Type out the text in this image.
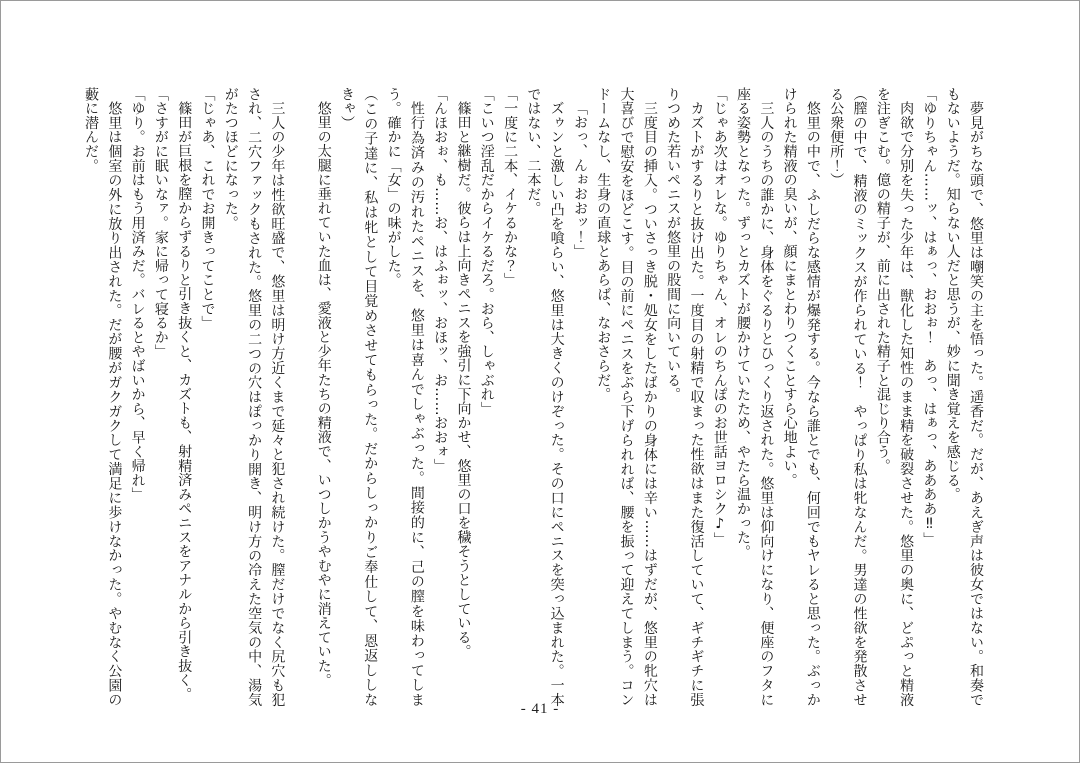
夢見がちな頭で、悠里は嘲笑の主を悟った。遥香だ。だが、あえぎ声は彼女ではない。和奏でもないようだ。知らない人だと思うが、妙に聞き覚えを感じる。

「ゆりちゃん……ッ、はぁっ、おおぉ！　あっ、はぁっ、ああああ‼」

肉欲で分別を失った少年は、獣化した知性のまま精を破裂させた。悠里の奥に、どぷっと精液を注ぎこむ。億の精子が、前に出された精子と混じり合う。

（膣の中で、精液のミックスが作られている！　やっぱり私は牝なんだ。男達の性欲を発散させる公衆便所！）

悠里の中で、ふしだらな感情が爆発する。今なら誰とでも、何回でもヤレると思った。ぶっかけられた精液の臭いが、顔にまとわりつくことすら心地よい。

三人のうちの誰かに、身体をぐるりとひっくり返された。悠里は仰向けになり、便座のフタに座る姿勢となった。ずっとカズトが腰かけていたため、やたら温かった。

「じゃあ次はオレな。ゆりちゃん、オレのちんぽのお世話ヨロシク♪」

カズトがするりと抜け出た。一度目の射精で収まった性欲はまた復活していて、ギチギチに張りつめた若いペニスが悠里の股間に向いている。

三度目の挿入。ついさっき脱・処女をしたばかりの身体には辛い……はずだが、悠里の牝穴は大喜びで慰安をほどこす。目の前にペニスをぶら下げられれば、腰を振って迎えてしまう。コンドームなし、生身の直球とあらば、なおさらだ。

「おっ、んぉおおッ！」

ズゥンと激しい凸を喰らい、悠里は大きくのけぞった。その口にペニスを突っ込まれた。一本ではない、二本だ。

「一度に二本、イケるかな？」

「こいつ淫乱だからイケるだろ。おら、しゃぶれ」

篠田と継樹だ。彼らは上向きペニスを強引に下向かせ、悠里の口を穢そうとしている。

「んほおぉ、も……お、はふぉッ、おほッ、お……おおォ」

性行為済みの汚れたペニスを、悠里は喜んでしゃぶった。間接的に、己の膣を味わってしまう。確かに「女」の味がした。

（この子達に、私は牝として目覚めさせてもらった。だからしっかりご奉仕して、恩返ししなきゃ）

悠里の太腿に垂れていた血は、愛液と少年たちの精液で、いつしかうやむやに消えていた。

三人の少年は性欲旺盛で、悠里は明け方近くまで延々と犯され続けた。膣だけでなく尻穴も犯され、二穴ファックもされた。悠里の二つの穴はぽっかり開き、明け方の冷えた空気の中、湯気がたつほどになった。

「じゃあ、これでお開きってことで」

篠田が巨根を膣からずるりと引き抜くと、カズトも、射精済みペニスをアナルから引き抜く。

「さすがに眠いなァ。家に帰って寝るか」

「ゆり。お前はもう用済みだ。バレるとやばいから、早く帰れ」

悠里は個室の外に放り出された。だが腰がガクガクして満足に歩けなかった。やむなく公園の藪に潜んだ。

- 41 -
